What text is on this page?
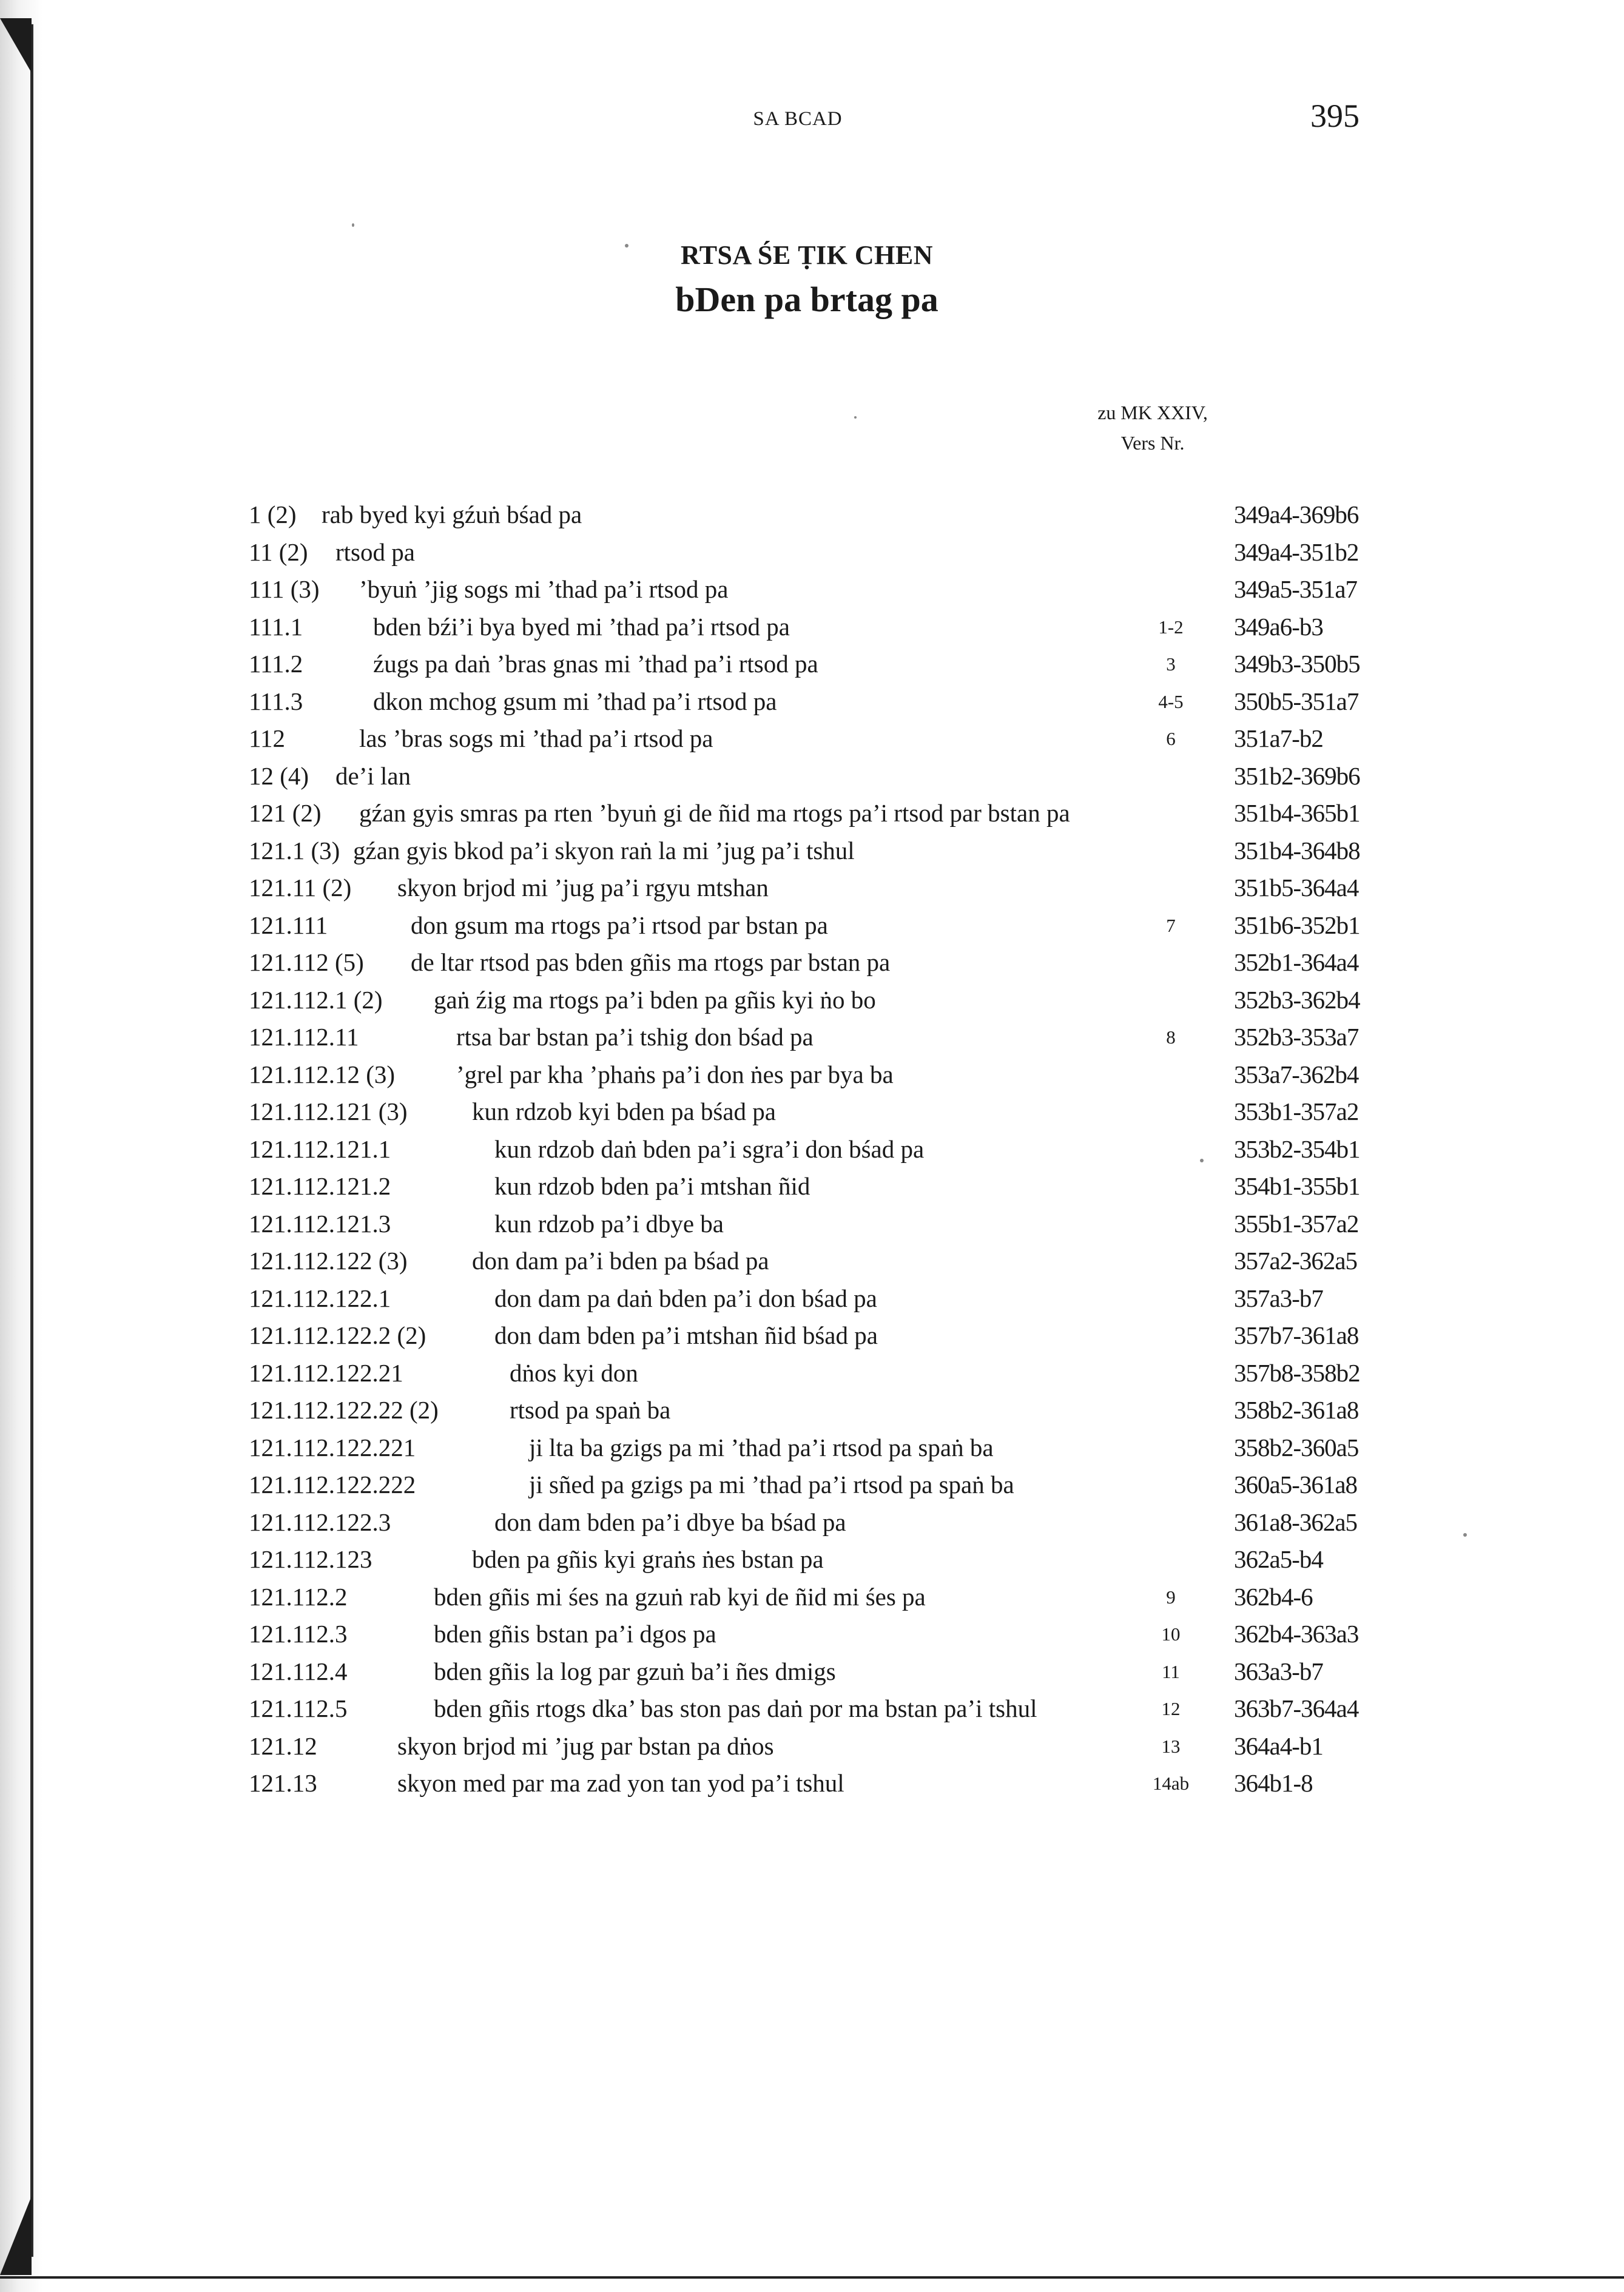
SA BCAD	395
RTSA ŚE ṬIK CHEN
bDen pa brtag pa
zu MK XXIV,
Vers Nr.
1 (2) rab byed kyi gźuṅ bśad pa	349a4-369b6
11 (2) rtsod pa	349a4-351b2
111 (3) ’byuṅ ’jig sogs mi ’thad pa’i rtsod pa	349a5-351a7
111.1	bden bźi’i bya byed mi ’thad pa’i rtsod pa	1-2	349a6-b3
111.2	źugs pa daṅ ’bras gnas mi ’thad pa’i rtsod pa	3	349b3-350b5
111.3	dkon mchog gsum mi ’thad pa’i rtsod pa	4-5	350b5-351a7
112	las ’bras sogs mi ’thad pa’i rtsod pa	6	351a7-b2
12 (4) de’i lan	351b2-369b6
121 (2) gźan gyis smras pa rten ’byuṅ gi de ñid ma rtogs pa’i rtsod par bstan pa	351b4-365b1
121.1 (3) gźan gyis bkod pa’i skyon raṅ la mi ’jug pa’i tshul	351b4-364b8
121.11 (2) skyon brjod mi ’jug pa’i rgyu mtshan	351b5-364a4
121.111	don gsum ma rtogs pa’i rtsod par bstan pa	7	351b6-352b1
121.112 (5) de ltar rtsod pas bden gñis ma rtogs par bstan pa	352b1-364a4
121.112.1 (2) gaṅ źig ma rtogs pa’i bden pa gñis kyi ṅo bo	352b3-362b4
121.112.11	rtsa bar bstan pa’i tshig don bśad pa	8	352b3-353a7
121.112.12 (3) ’grel par kha ’phaṅs pa’i don ṅes par bya ba	353a7-362b4
121.112.121 (3)	kun rdzob kyi bden pa bśad pa	353b1-357a2
121.112.121.1	kun rdzob daṅ bden pa’i sgra’i don bśad pa	353b2-354b1
121.112.121.2	kun rdzob bden pa’i mtshan ñid	354b1-355b1
121.112.121.3	kun rdzob pa’i dbye ba	355b1-357a2
121.112.122 (3)	don dam pa’i bden pa bśad pa	357a2-362a5
121.112.122.1	don dam pa daṅ bden pa’i don bśad pa	357a3-b7
121.112.122.2 (2)	don dam bden pa’i mtshan ñid bśad pa	357b7-361a8
121.112.122.21	dṅos kyi don	357b8-358b2
121.112.122.22 (2)	rtsod pa spaṅ ba	358b2-361a8
121.112.122.221	ji lta ba gzigs pa mi ’thad pa’i rtsod pa spaṅ ba	358b2-360a5
121.112.122.222	ji sñed pa gzigs pa mi ’thad pa’i rtsod pa spaṅ ba	360a5-361a8
121.112.122.3	don dam bden pa’i dbye ba bśad pa	361a8-362a5
121.112.123	bden pa gñis kyi graṅs ṅes bstan pa	362a5-b4
121.112.2	bden gñis mi śes na gzuṅ rab kyi de ñid mi śes pa	9	362b4-6
121.112.3	bden gñis bstan pa’i dgos pa	10	362b4-363a3
121.112.4	bden gñis la log par gzuṅ ba’i ñes dmigs	11	363a3-b7
121.112.5	bden gñis rtogs dka’ bas ston pas daṅ por ma bstan pa’i tshul	12	363b7-364a4
121.12	skyon brjod mi ’jug par bstan pa dṅos	13	364a4-b1
121.13	skyon med par ma zad yon tan yod pa’i tshul	14ab 364b1-8
